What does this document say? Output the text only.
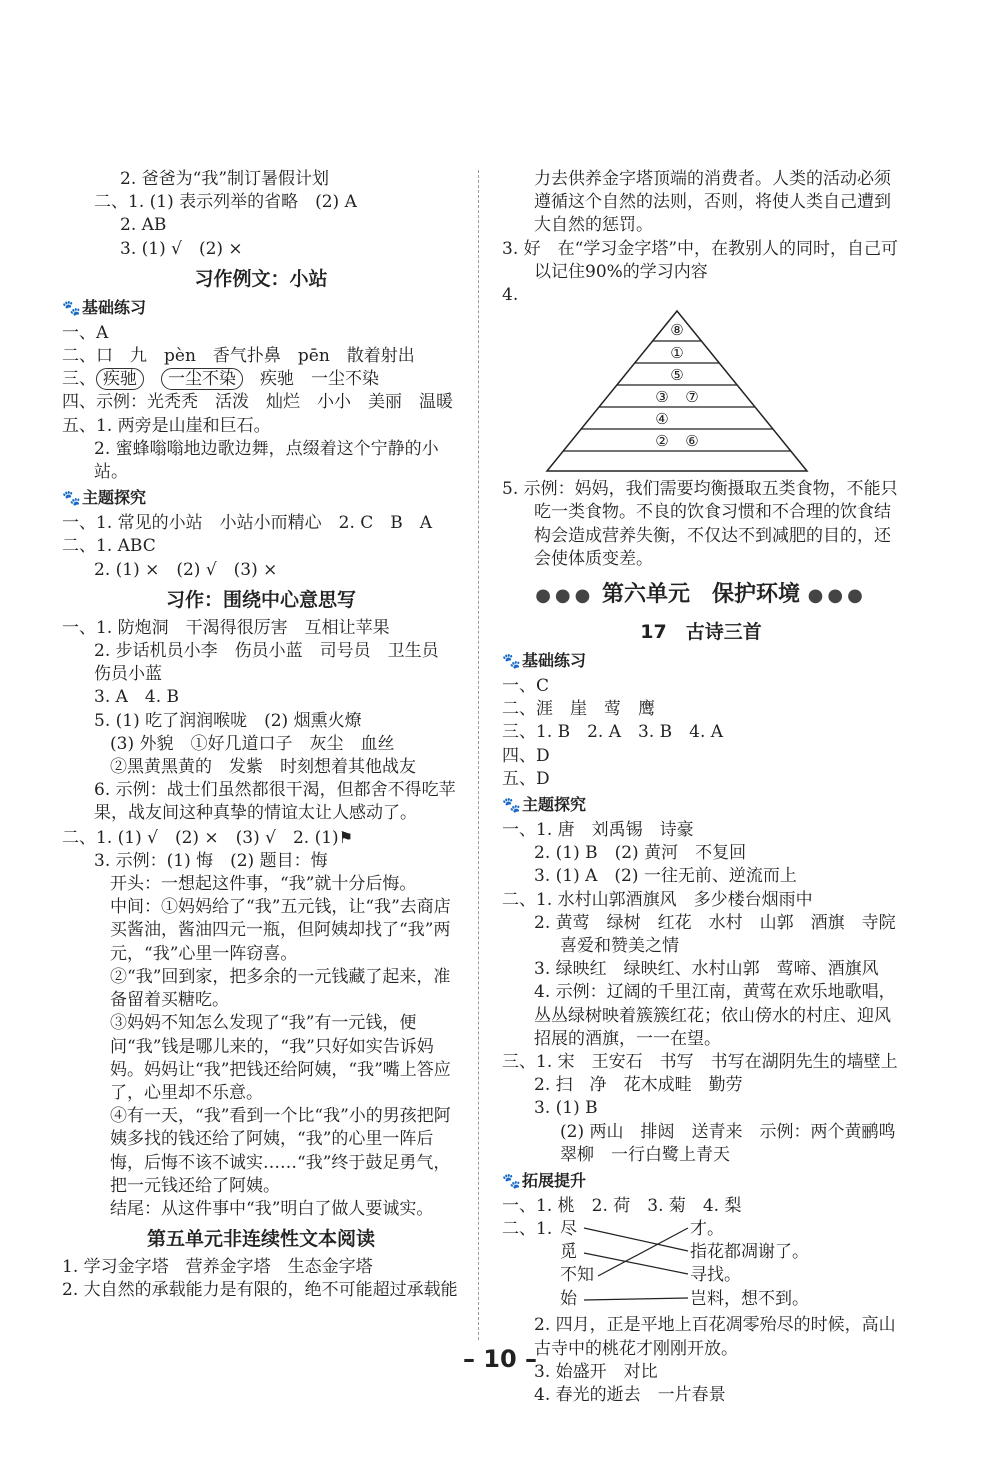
2. 爸爸为“我”制订暑假计划
二、1. (1) 表示列举的省略　(2) A
2. AB
3. (1) √　(2) ×
习作例文：小站
🐾基础练习
一、A
二、口　九　pèn　香气扑鼻　pēn　散着射出
三、 疾驰　 一尘不染　 疾驰　一尘不染
四、示例：光秃秃　活泼　灿烂　小小　美丽　温暖
五、1. 两旁是山崖和巨石。
2. 蜜蜂嗡嗡地边歌边舞，点缀着这个宁静的小站。
🐾主题探究
一、1. 常见的小站　小站小而精心　2. C　B　A
二、1. ABC
2. (1) ×　(2) √　(3) ×
习作：围绕中心意思写
一、1. 防炮洞　干渴得很厉害　互相让苹果
2. 步话机员小李　伤员小蓝　司号员　卫生员　伤员小蓝
3. A　4. B
5. (1) 吃了润润喉咙　(2) 烟熏火燎
(3) 外貌　①好几道口子　灰尘　血丝
②黑黄黑黄的　发紫　时刻想着其他战友
6. 示例：战士们虽然都很干渴，但都舍不得吃苹果，战友间这种真挚的情谊太让人感动了。
二、1. (1) √　(2) ×　(3) √　2. (1)⚑
3. 示例：(1) 悔　(2) 题目：悔
开头：一想起这件事，“我”就十分后悔。
中间：①妈妈给了“我”五元钱，让“我”去商店买酱油，酱油四元一瓶，但阿姨却找了“我”两元，“我”心里一阵窃喜。
②“我”回到家，把多余的一元钱藏了起来，准备留着买糖吃。
③妈妈不知怎么发现了“我”有一元钱，便问“我”钱是哪儿来的，“我”只好如实告诉妈妈。妈妈让“我”把钱还给阿姨，“我”嘴上答应了，心里却不乐意。
④有一天，“我”看到一个比“我”小的男孩把阿姨多找的钱还给了阿姨，“我”的心里一阵后悔，后悔不该不诚实……“我”终于鼓足勇气，把一元钱还给了阿姨。
结尾：从这件事中“我”明白了做人要诚实。
第五单元非连续性文本阅读
1. 学习金字塔　营养金字塔　生态金字塔
2. 大自然的承载能力是有限的，绝不可能超过承载能
力去供养金字塔顶端的消费者。人类的活动必须遵循这个自然的法则，否则，将使人类自己遭到大自然的惩罚。
3. 好　在“学习金字塔”中，在教别人的同时，自己可以记住90%的学习内容
4.
⑧
①
⑤
③ ⑦
④
② ⑥
5. 示例：妈妈，我们需要均衡摄取五类食物，不能只吃一类食物。不良的饮食习惯和不合理的饮食结构会造成营养失衡，不仅达不到减肥的目的，还会使体质变差。
●●● 第六单元　保护环境 ●●●
17　古诗三首
🐾基础练习
一、C
二、涯　崖　莺　鹰
三、1. B　2. A　3. B　4. A
四、D
五、D
🐾主题探究
一、1. 唐　刘禹锡　诗豪
2. (1) B　(2) 黄河　不复回
3. (1) A　(2) 一往无前、逆流而上
二、1. 水村山郭酒旗风　多少楼台烟雨中
2. 黄莺　绿树　红花　水村　山郭　酒旗　寺院
喜爱和赞美之情
3. 绿映红　绿映红、水村山郭　莺啼、酒旗风
4. 示例：辽阔的千里江南，黄莺在欢乐地歌唱，丛丛绿树映着簇簇红花；依山傍水的村庄、迎风招展的酒旗，一一在望。
三、1. 宋　王安石　书写　书写在湖阴先生的墙壁上
2. 扫　净　花木成畦　勤劳
3. (1) B
(2) 两山　排闼　送青来　示例：两个黄鹂鸣翠柳　一行白鹭上青天
🐾拓展提升
一、1. 桃　2. 荷　3. 菊　4. 梨
二、1. 尽
觅
不知
始
才。
指花都凋谢了。
寻找。
岂料，想不到。
2. 四月，正是平地上百花凋零殆尽的时候，高山古寺中的桃花才刚刚开放。
3. 始盛开　对比
4. 春光的逝去　一片春景
– 10 –
